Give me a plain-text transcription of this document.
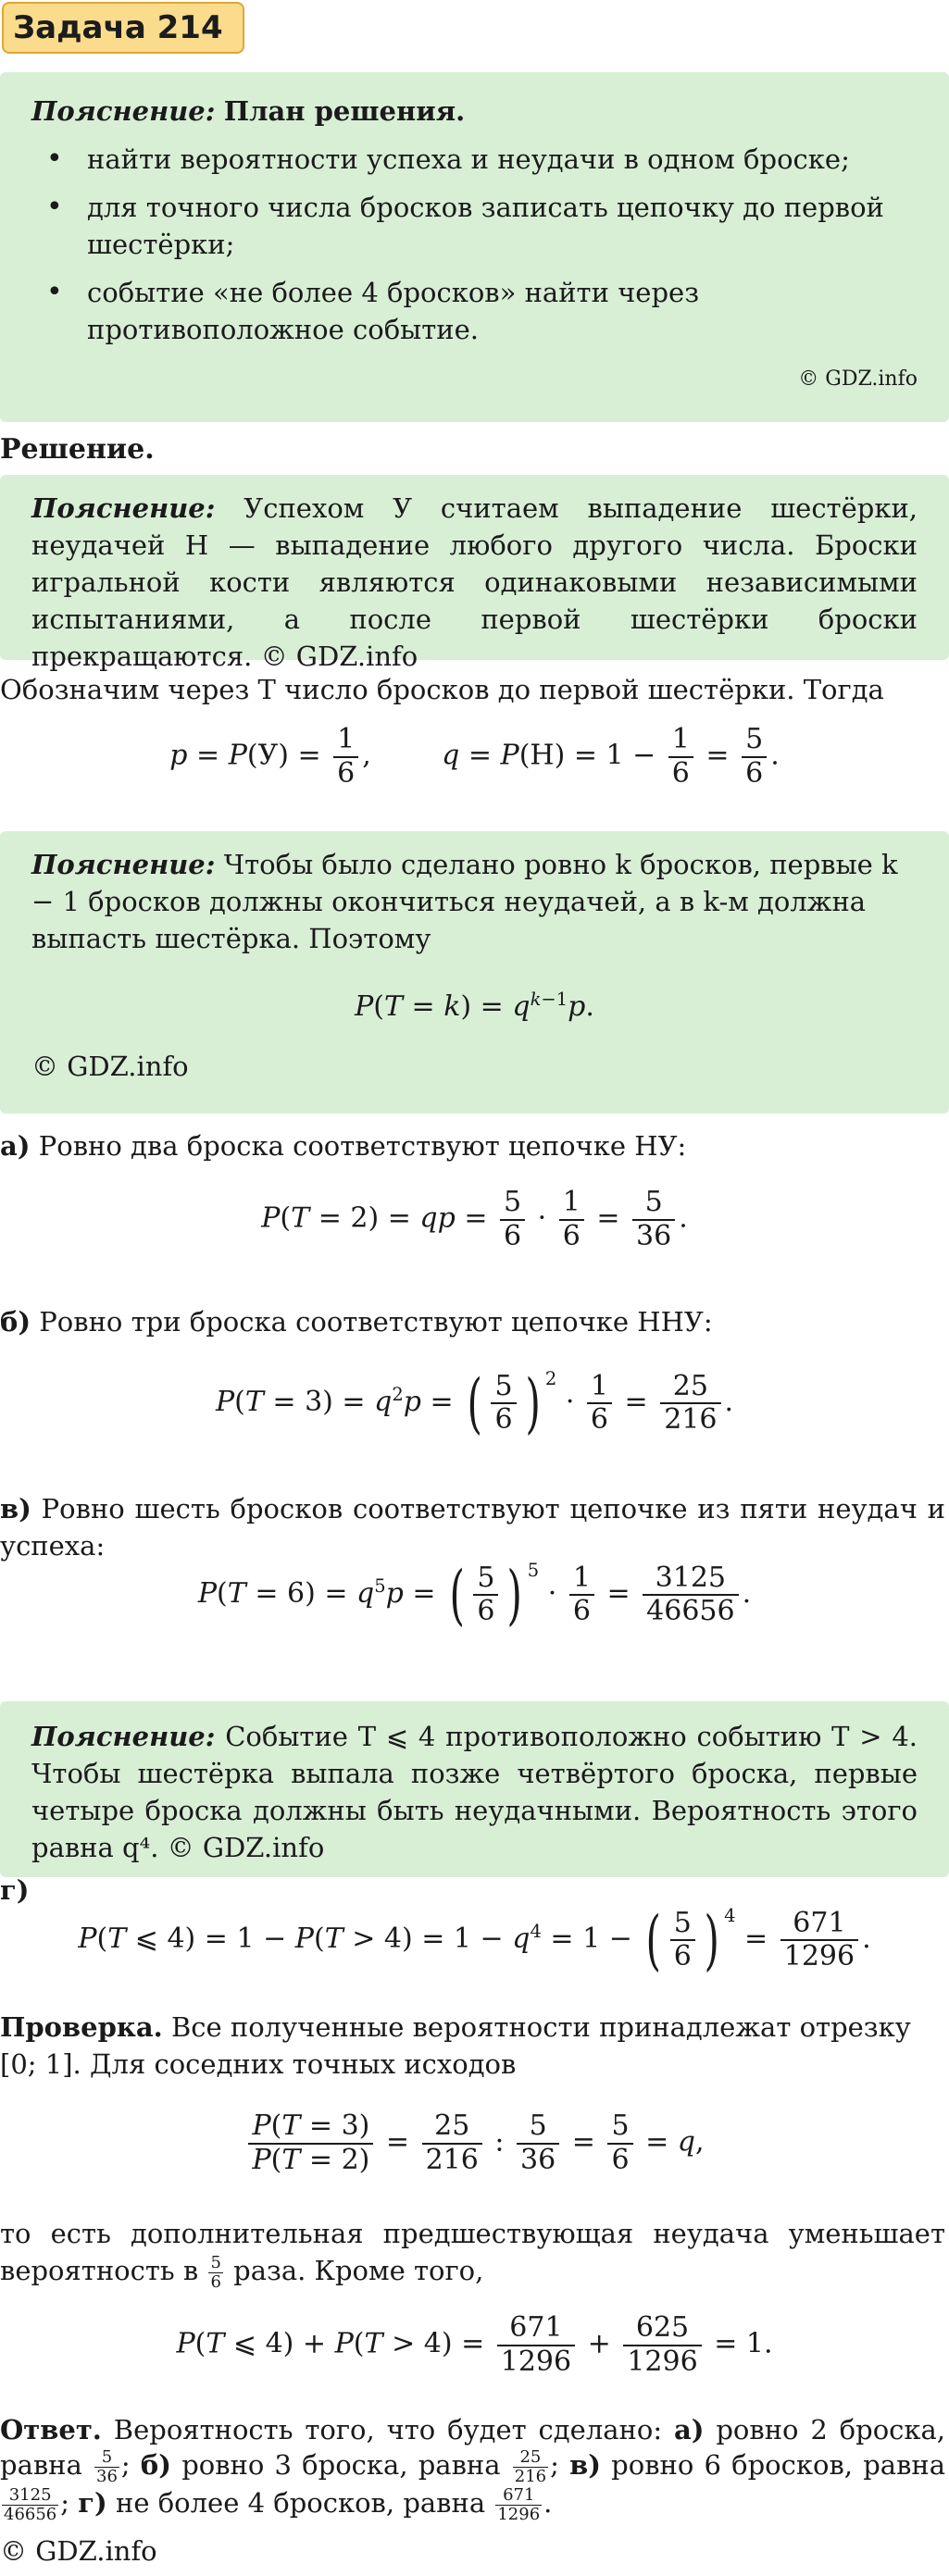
Задача 214
Пояснение: План решения.
• найти вероятности успеха и неудачи в одном броске;
• для точного числа бросков записать цепочку до первой шестёрки;
• событие «не более 4 бросков» найти через противоположное событие.
© GDZ.info
Решение.
Пояснение: Успехом У считаем выпадение шестёрки, неудачей Н — выпадение любого другого числа. Броски игральной кости являются одинаковыми независимыми испытаниями, а после первой шестёрки броски прекращаются. © GDZ.info
Обозначим через T число бросков до первой шестёрки. Тогда
$p = P(У) = \frac{1}{6}$ ,        $q = P(Н) = 1 - \frac{1}{6} = \frac{5}{6}$ .
Пояснение: Чтобы было сделано ровно k бросков, первые k − 1 бросков должны окончиться неудачей, а в k-м должна выпасть шестёрка. Поэтому
$P(T = k) = q^{k-1}p$.
© GDZ.info
а) Ровно два броска соответствуют цепочке НУ:
P(T = 2) = qp = $\frac{5}{6} \cdot \frac{1}{6} = \frac{5}{36}$ .
б) Ровно три броска соответствуют цепочке ННУ:
$P(T = 3) = q^2p$ = ( $\frac{5}{6}$ ) $^2 \cdot \frac{1}{6} = \frac{25}{216}$ .
в) Ровно шесть бросков соответствуют цепочке из пяти неудач и успеха:
$P(T = 6) = q^5p$ = ( $\frac{5}{6}$ ) $^5 \cdot \frac{1}{6} = \frac{3125}{46656}$ .
Пояснение: Событие T ⩽ 4 противоположно событию T > 4. Чтобы шестёрка выпала позже четвёртого броска, первые четыре броска должны быть неудачными. Вероятность этого равна q⁴. © GDZ.info
г)
P(T ⩽ $4) = 1 - P(T > 4) = 1 - q^4 = 1$ − ( $\frac{5}{6}$ ) $^4 = \frac{671}{1296}$ .
Проверка. Все полученные вероятности принадлежат отрезку [0; 1]. Для соседних точных исходов
$\frac{P(T = 3)}{P(T = 2)} = \frac{25}{216}$ : $\frac{5}{36} = \frac{5}{6} = q$,
то есть дополнительная предшествующая неудача уменьшает вероятность в $\frac{5}{6}$ раза. Кроме того,
P(T ⩽ $4) + P(T > 4) = \frac{671}{1296} + \frac{625}{1296} = 1$.
Ответ. Вероятность того, что будет сделано: а) ровно 2 броска, равна $\frac{5}{36}$ ; б) ровно 3 броска, равна $\frac{25}{216}$ ; в) ровно 6 бросков, равна
$\frac{3125}{46656}$ ; г) не более 4 бросков, равна $\frac{671}{1296}$ .
© GDZ.info
